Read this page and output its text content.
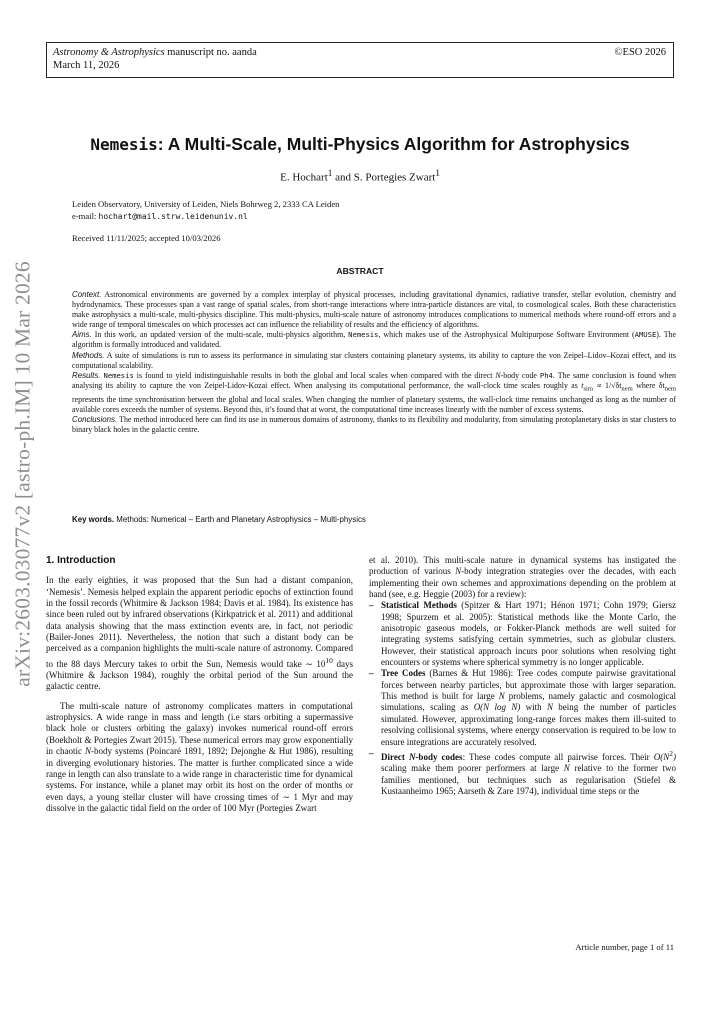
Astronomy & Astrophysics manuscript no. aanda
March 11, 2026
©ESO 2026
arXiv:2603.03077v2 [astro-ph.IM] 10 Mar 2026
Nemesis: A Multi-Scale, Multi-Physics Algorithm for Astrophysics
E. Hochart$^1$ and S. Portegies Zwart$^1$
Leiden Observatory, University of Leiden, Niels Bohrweg 2, 2333 CA Leiden
e-mail: hochart@mail.strw.leidenuniv.nl
Received 11/11/2025; accepted 10/03/2026
ABSTRACT

Context. Astronomical environments are governed by a complex interplay of physical processes, including gravitational dynamics, radiative transfer, stellar evolution, chemistry and hydrodynamics. These processes span a vast range of spatial scales, from short-range interactions where intra-particle distances are vital, to cosmological scales. Both these characteristics make astrophysics a multi-scale, multi-physics discipline. This multi-physics, multi-scale nature of astronomy introduces complications to numerical methods where round-off errors and a wide range of temporal timescales on which processes act can influence the reliability of results and the efficiency of algorithms.

Aims. In this work, an updated version of the multi-scale, multi-physics algorithm, Nemesis, which makes use of the Astrophysical Multipurpose Software Environment (AMUSE). The algorithm is formally introduced and validated.

Methods. A suite of simulations is run to assess its performance in simulating star clusters containing planetary systems, its ability to capture the von Zeipel–Lidov–Kozai effect, and its computational scalability.

Results. Nemesis is found to yield indistinguishable results in both the global and local scales when compared with the direct N-body code Ph4. The same conclusion is found when analysing its ability to capture the von Zeipel-Lidov-Kozai effect. When analysing its computational performance, the wall-clock time scales roughly as $t_{sim} \propto 1/√\delta t_{nem}$ where $\delta t_{nem}$ represents the time synchronisation between the global and local scales. When changing the number of planetary systems, the wall-clock time remains unchanged as long as the number of available cores exceeds the number of systems. Beyond this, it’s found that at worst, the computational time increases linearly with the number of excess systems.

Conclusions. The method introduced here can find its use in numerous domains of astronomy, thanks to its flexibility and modularity, from simulating protoplanetary disks in star clusters to binary black holes in the galactic centre.

Key words. Methods: Numerical – Earth and Planetary Astrophysics – Multi-physics
1. Introduction

In the early eighties, it was proposed that the Sun had a distant companion, ‘Nemesis’. Nemesis helped explain the apparent periodic epochs of extinction found in the fossil records (Whitmire & Jackson 1984; Davis et al. 1984). Its existence has since been ruled out by infrared observations (Kirkpatrick et al. 2011) and additional data analysis showing that the mass extinction events are, in fact, not periodic (Bailer-Jones 2011). Nevertheless, the notion that such a distant body can be perceived as a companion highlights the multi-scale nature of astronomy. Compared to the 88 days Mercury takes to orbit the Sun, Nemesis would take ∼ $10^{10}$ days (Whitmire & Jackson 1984), roughly the orbital period of the Sun around the galactic centre.

The multi-scale nature of astronomy complicates matters in computational astrophysics. A wide range in mass and length (i.e stars orbiting a supermassive black hole or clusters orbiting the galaxy) invokes numerical round-off errors (Boekholt & Portegies Zwart 2015). These numerical errors may grow exponentially in chaotic N-body systems (Poincaré 1891, 1892; Dejonghe & Hut 1986), resulting in diverging evolutionary histories. The matter is further complicated since a wide range in length can also translate to a wide range in characteristic time for dynamical systems. For instance, while a planet may orbit its host on the order of months or even days, a young stellar cluster will have crossing times of ∼ 1 Myr and may dissolve in the galactic tidal field on the order of 100 Myr (Portegies Zwart

et al. 2010). This multi-scale nature in dynamical systems has instigated the production of various N-body integration strategies over the decades, with each implementing their own schemes and approximations depending on the problem at hand (see, e.g. Heggie (2003) for a review):

– Statistical Methods (Spitzer & Hart 1971; Hénon 1971; Cohn 1979; Giersz 1998; Spurzem et al. 2005): Statistical methods like the Monte Carlo, the anisotropic gaseous models, or Fokker-Planck methods are well suited for integrating systems satisfying certain symmetries, such as globular clusters. However, their statistical approach incurs poor solutions when resolving tight encounters or systems where spherical symmetry is no longer applicable.
– Tree Codes (Barnes & Hut 1986): Tree codes compute pairwise gravitational forces between nearby particles, but approximate those with larger separation. This method is built for large N problems, namely galactic and cosmological simulations, scaling as O(N log N) with N being the number of particles simulated. However, approximating long-range forces makes them ill-suited to resolving collisional systems, where energy conservation is required to be low to ensure integrations are accurately resolved.
– Direct N-body codes: These codes compute all pairwise forces. Their $O(N^2)$ scaling make them poorer performers at large N relative to the former two families mentioned, but techniques such as regularisation (Stiefel & Kustaanheimo 1965; Aarseth & Zare 1974), individual time steps or the
Article number, page 1 of 11
